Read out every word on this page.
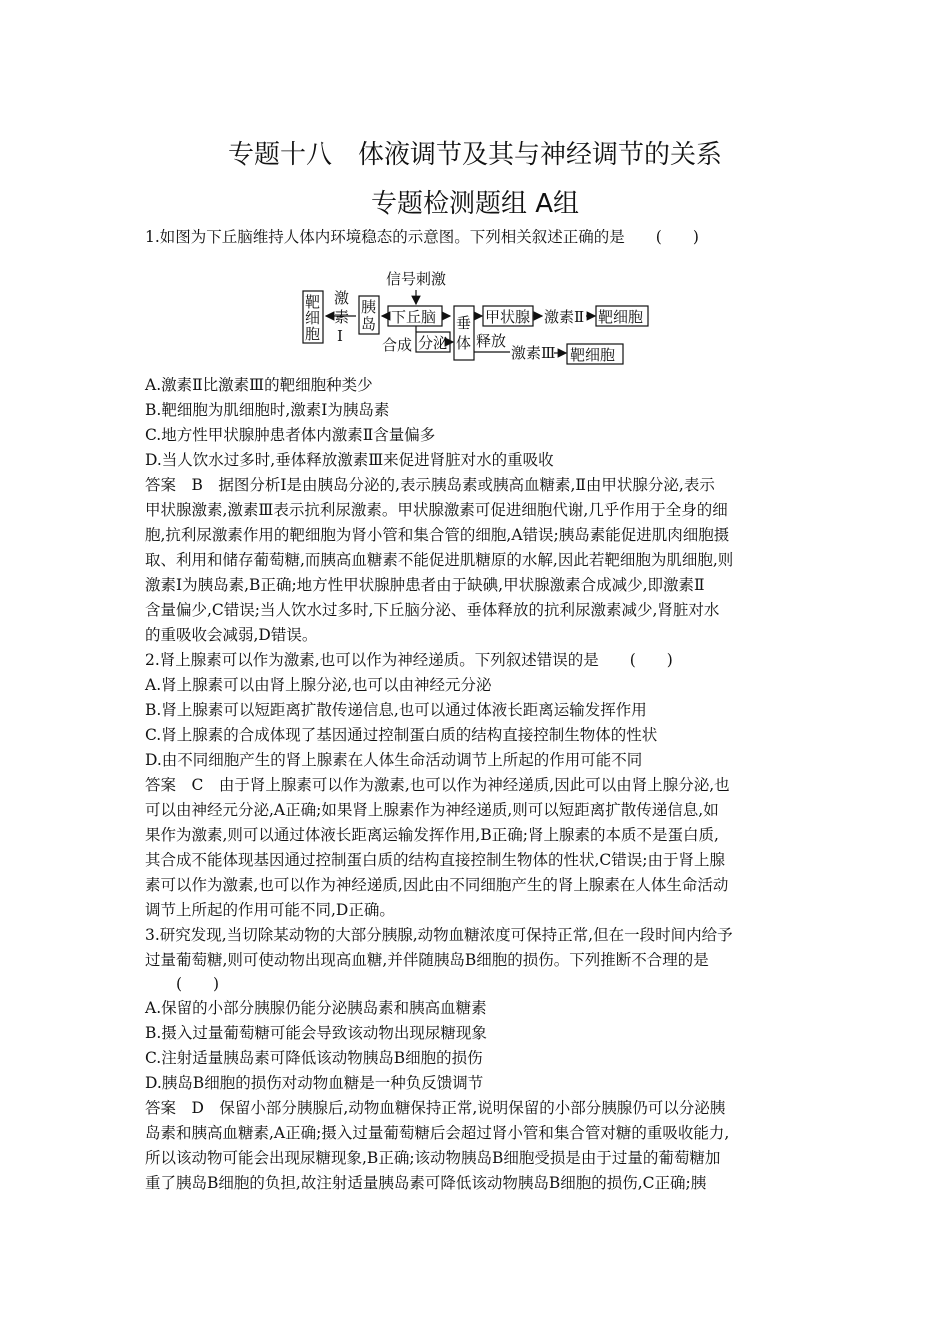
专题十八　体液调节及其与神经调节的关系
专题检测题组 A组
1.如图为下丘脑维持人体内环境稳态的示意图。下列相关叙述正确的是　　(　　)
信号刺激
靶
细
胞
激
素
Ⅰ
胰
岛 下丘脑
合成 分泌
垂
体
甲状腺 激素Ⅱ 靶细胞
释放
激素Ⅲ 靶细胞
A.激素Ⅱ比激素Ⅲ的靶细胞种类少
B.靶细胞为肌细胞时,激素Ⅰ为胰岛素
C.地方性甲状腺肿患者体内激素Ⅱ含量偏多
D.当人饮水过多时,垂体释放激素Ⅲ来促进肾脏对水的重吸收
答案　B　据图分析Ⅰ是由胰岛分泌的,表示胰岛素或胰高血糖素,Ⅱ由甲状腺分泌,表示
甲状腺激素,激素Ⅲ表示抗利尿激素。甲状腺激素可促进细胞代谢,几乎作用于全身的细
胞,抗利尿激素作用的靶细胞为肾小管和集合管的细胞,A错误;胰岛素能促进肌肉细胞摄
取、利用和储存葡萄糖,而胰高血糖素不能促进肌糖原的水解,因此若靶细胞为肌细胞,则
激素Ⅰ为胰岛素,B正确;地方性甲状腺肿患者由于缺碘,甲状腺激素合成减少,即激素Ⅱ
含量偏少,C错误;当人饮水过多时,下丘脑分泌、垂体释放的抗利尿激素减少,肾脏对水
的重吸收会减弱,D错误。
2.肾上腺素可以作为激素,也可以作为神经递质。下列叙述错误的是　　(　　)
A.肾上腺素可以由肾上腺分泌,也可以由神经元分泌
B.肾上腺素可以短距离扩散传递信息,也可以通过体液长距离运输发挥作用
C.肾上腺素的合成体现了基因通过控制蛋白质的结构直接控制生物体的性状
D.由不同细胞产生的肾上腺素在人体生命活动调节上所起的作用可能不同
答案　C　由于肾上腺素可以作为激素,也可以作为神经递质,因此可以由肾上腺分泌,也
可以由神经元分泌,A正确;如果肾上腺素作为神经递质,则可以短距离扩散传递信息,如
果作为激素,则可以通过体液长距离运输发挥作用,B正确;肾上腺素的本质不是蛋白质,
其合成不能体现基因通过控制蛋白质的结构直接控制生物体的性状,C错误;由于肾上腺
素可以作为激素,也可以作为神经递质,因此由不同细胞产生的肾上腺素在人体生命活动
调节上所起的作用可能不同,D正确。
3.研究发现,当切除某动物的大部分胰腺,动物血糖浓度可保持正常,但在一段时间内给予
过量葡萄糖,则可使动物出现高血糖,并伴随胰岛B细胞的损伤。下列推断不合理的是
　　(　　)
A.保留的小部分胰腺仍能分泌胰岛素和胰高血糖素
B.摄入过量葡萄糖可能会导致该动物出现尿糖现象
C.注射适量胰岛素可降低该动物胰岛B细胞的损伤
D.胰岛B细胞的损伤对动物血糖是一种负反馈调节
答案　D　保留小部分胰腺后,动物血糖保持正常,说明保留的小部分胰腺仍可以分泌胰
岛素和胰高血糖素,A正确;摄入过量葡萄糖后会超过肾小管和集合管对糖的重吸收能力,
所以该动物可能会出现尿糖现象,B正确;该动物胰岛B细胞受损是由于过量的葡萄糖加
重了胰岛B细胞的负担,故注射适量胰岛素可降低该动物胰岛B细胞的损伤,C正确;胰
